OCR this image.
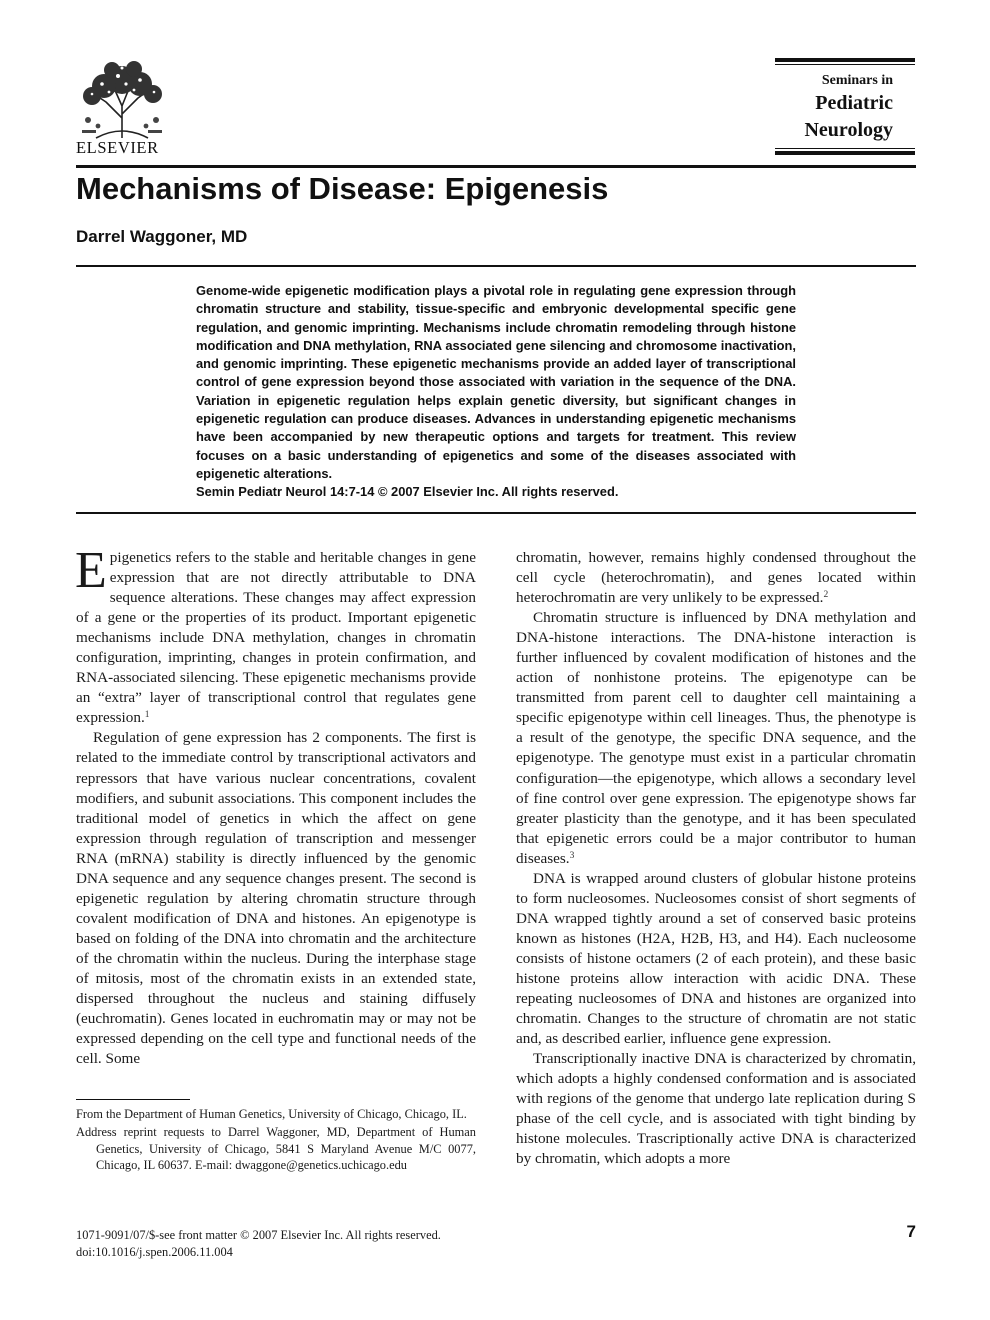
ELSEVIER
Seminars in
Pediatric
Neurology
Mechanisms of Disease: Epigenesis
Darrel Waggoner, MD
Genome-wide epigenetic modification plays a pivotal role in regulating gene expression through chromatin structure and stability, tissue-specific and embryonic developmental specific gene regulation, and genomic imprinting. Mechanisms include chromatin remodeling through histone modification and DNA methylation, RNA associated gene silencing and chromosome inactivation, and genomic imprinting. These epigenetic mechanisms provide an added layer of transcriptional control of gene expression beyond those associated with variation in the sequence of the DNA. Variation in epigenetic regulation helps explain genetic diversity, but significant changes in epigenetic regulation can produce diseases. Advances in understanding epigenetic mechanisms have been accompanied by new therapeutic options and targets for treatment. This review focuses on a basic understanding of epigenetics and some of the diseases associated with epigenetic alterations.
Semin Pediatr Neurol 14:7-14 © 2007 Elsevier Inc. All rights reserved.

Epigenetics refers to the stable and heritable changes in gene expression that are not directly attributable to DNA sequence alterations. These changes may affect expression of a gene or the properties of its product. Important epigenetic mechanisms include DNA methylation, changes in chromatin configuration, imprinting, changes in protein confirmation, and RNA-associated silencing. These epigenetic mechanisms provide an “extra” layer of transcriptional control that regulates gene expression.$^1$

Regulation of gene expression has 2 components. The first is related to the immediate control by transcriptional activators and repressors that have various nuclear concentrations, covalent modifiers, and subunit associations. This component includes the traditional model of genetics in which the affect on gene expression through regulation of transcription and messenger RNA (mRNA) stability is directly influenced by the genomic DNA sequence and any sequence changes present. The second is epigenetic regulation by altering chromatin structure through covalent modification of DNA and histones. An epigenotype is based on folding of the DNA into chromatin and the architecture of the chromatin within the nucleus. During the interphase stage of mitosis, most of the chromatin exists in an extended state, dispersed throughout the nucleus and staining diffusely (euchromatin). Genes located in euchromatin may or may not be expressed depending on the cell type and functional needs of the cell. Some

chromatin, however, remains highly condensed throughout the cell cycle (heterochromatin), and genes located within heterochromatin are very unlikely to be expressed.$^2$

Chromatin structure is influenced by DNA methylation and DNA-histone interactions. The DNA-histone interaction is further influenced by covalent modification of histones and the action of nonhistone proteins. The epigenotype can be transmitted from parent cell to daughter cell maintaining a specific epigenotype within cell lineages. Thus, the phenotype is a result of the genotype, the specific DNA sequence, and the epigenotype. The genotype must exist in a particular chromatin configuration—the epigenotype, which allows a secondary level of fine control over gene expression. The epigenotype shows far greater plasticity than the genotype, and it has been speculated that epigenetic errors could be a major contributor to human diseases.$^3$

DNA is wrapped around clusters of globular histone proteins to form nucleosomes. Nucleosomes consist of short segments of DNA wrapped tightly around a set of conserved basic proteins known as histones (H2A, H2B, H3, and H4). Each nucleosome consists of histone octamers (2 of each protein), and these basic histone proteins allow interaction with acidic DNA. These repeating nucleosomes of DNA and histones are organized into chromatin. Changes to the structure of chromatin are not static and, as described earlier, influence gene expression.

Transcriptionally inactive DNA is characterized by chromatin, which adopts a highly condensed conformation and is associated with regions of the genome that undergo late replication during S phase of the cell cycle, and is associated with tight binding by histone molecules. Trascriptionally active DNA is characterized by chromatin, which adopts a more

From the Department of Human Genetics, University of Chicago, Chicago, IL.
Address reprint requests to Darrel Waggoner, MD, Department of Human Genetics, University of Chicago, 5841 S Maryland Avenue M/C 0077, Chicago, IL 60637. E-mail: dwaggone@genetics.uchicago.edu
1071-9091/07/$-see front matter © 2007 Elsevier Inc. All rights reserved.
doi:10.1016/j.spen.2006.11.004
7
